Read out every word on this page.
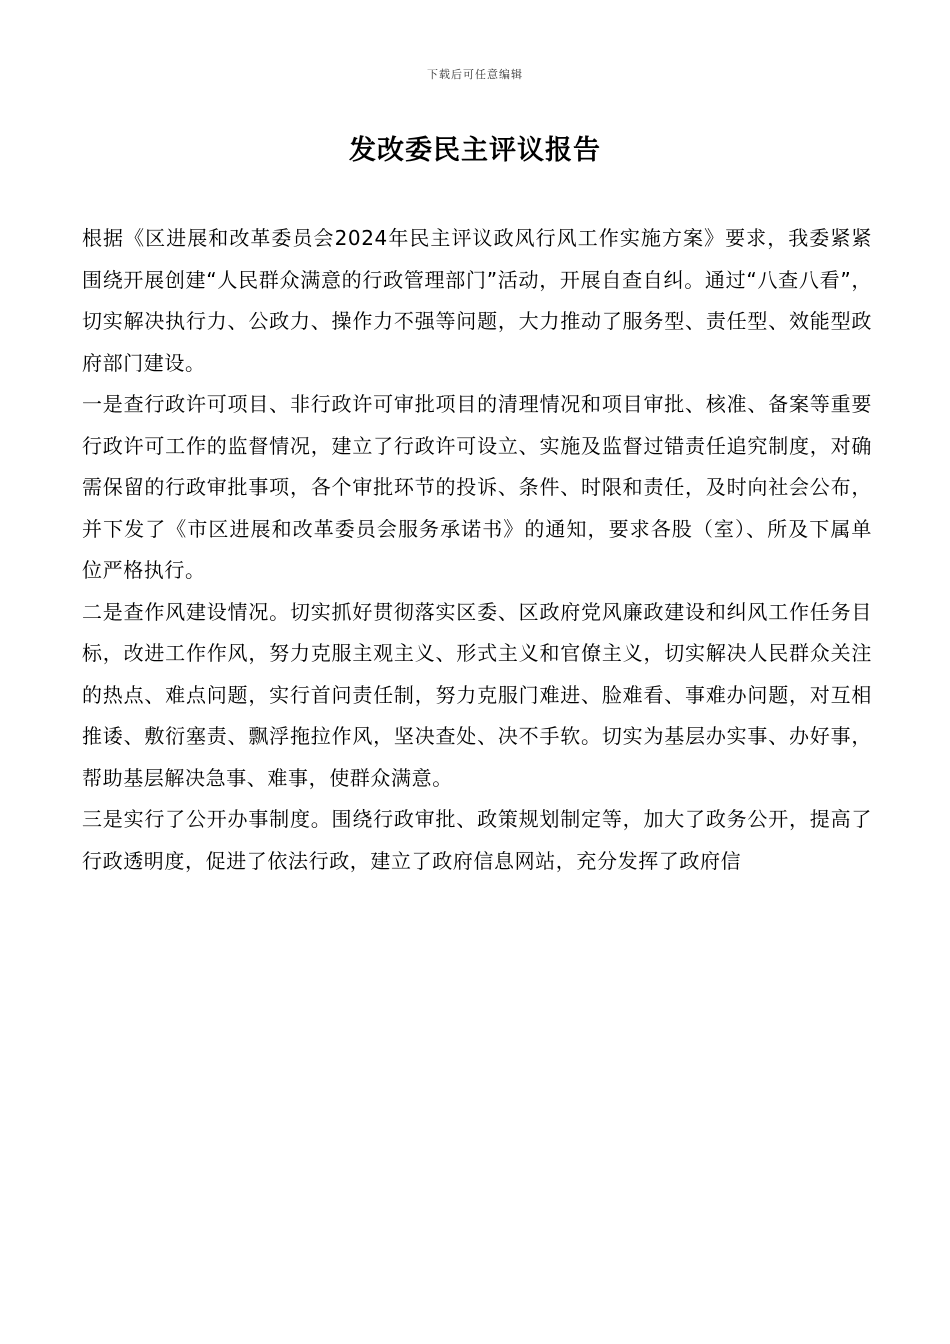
下载后可任意编辑
发改委民主评议报告

根据《区进展和改革委员会2024年民主评议政风行风工作实施方案》要求，我委紧紧围绕开展创建“人民群众满意的行政管理部门”活动，开展自查自纠。通过“八查八看”，切实解决执行力、公政力、操作力不强等问题，大力推动了服务型、责任型、效能型政府部门建设。

一是查行政许可项目、非行政许可审批项目的清理情况和项目审批、核准、备案等重要行政许可工作的监督情况，建立了行政许可设立、实施及监督过错责任追究制度，对确需保留的行政审批事项，各个审批环节的投诉、条件、时限和责任，及时向社会公布，并下发了《市区进展和改革委员会服务承诺书》的通知，要求各股（室）、所及下属单位严格执行。

二是查作风建设情况。切实抓好贯彻落实区委、区政府党风廉政建设和纠风工作任务目标，改进工作作风，努力克服主观主义、形式主义和官僚主义，切实解决人民群众关注的热点、难点问题，实行首问责任制，努力克服门难进、脸难看、事难办问题，对互相推诿、敷衍塞责、飘浮拖拉作风，坚决查处、决不手软。切实为基层办实事、办好事，帮助基层解决急事、难事，使群众满意。

三是实行了公开办事制度。围绕行政审批、政策规划制定等，加大了政务公开，提高了行政透明度，促进了依法行政，建立了政府信息网站，充分发挥了政府信
